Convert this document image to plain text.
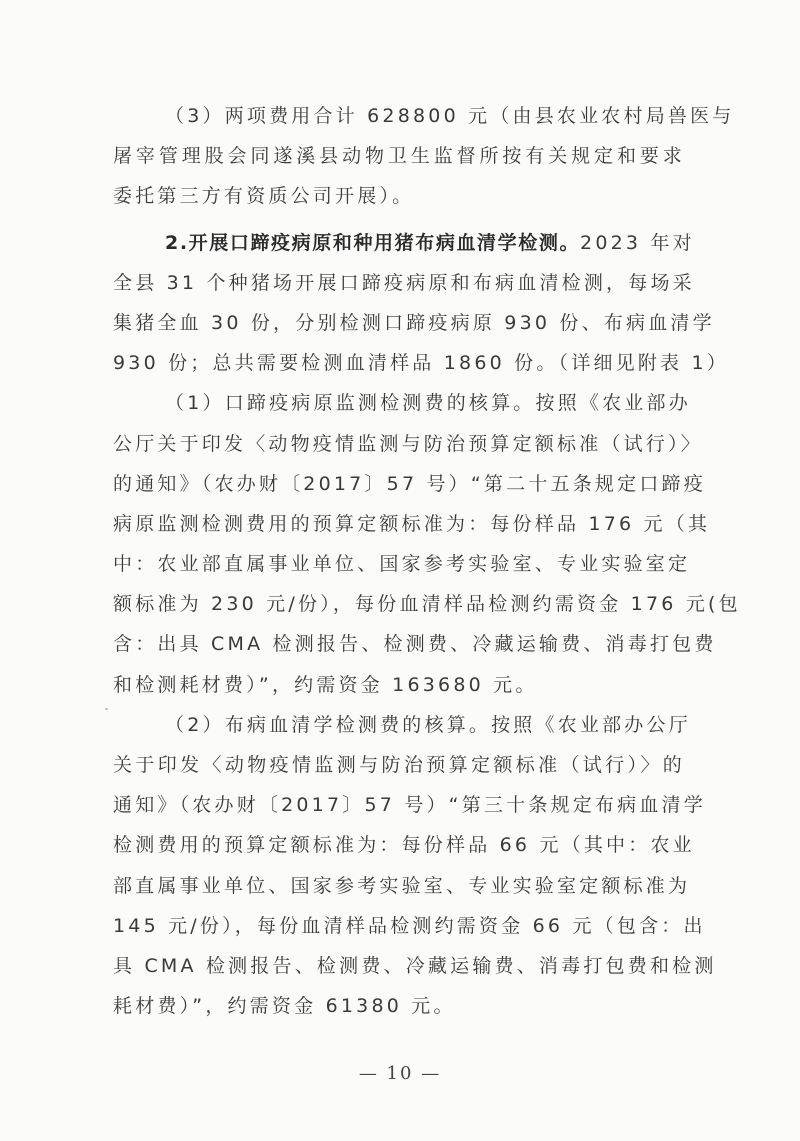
（3）两项费用合计 628800 元（由县农业农村局兽医与
屠宰管理股会同遂溪县动物卫生监督所按有关规定和要求
委托第三方有资质公司开展）。
2.开展口蹄疫病原和种用猪布病血清学检测。2023 年对
全县 31 个种猪场开展口蹄疫病原和布病血清检测，每场采
集猪全血 30 份，分别检测口蹄疫病原 930 份、布病血清学
930 份；总共需要检测血清样品 1860 份。（详细见附表 1）
（1）口蹄疫病原监测检测费的核算。按照《农业部办
公厅关于印发〈动物疫情监测与防治预算定额标准（试行）〉
的通知》（农办财〔2017〕57 号）“第二十五条规定口蹄疫
病原监测检测费用的预算定额标准为：每份样品 176 元（其
中：农业部直属事业单位、国家参考实验室、专业实验室定
额标准为 230 元/份），每份血清样品检测约需资金 176 元(包
含：出具 CMA 检测报告、检测费、冷藏运输费、消毒打包费
和检测耗材费）”，约需资金 163680 元。
（2）布病血清学检测费的核算。按照《农业部办公厅
关于印发〈动物疫情监测与防治预算定额标准（试行）〉的
通知》（农办财〔2017〕57 号）“第三十条规定布病血清学
检测费用的预算定额标准为：每份样品 66 元（其中：农业
部直属事业单位、国家参考实验室、专业实验室定额标准为
145 元/份），每份血清样品检测约需资金 66 元（包含：出
具 CMA 检测报告、检测费、冷藏运输费、消毒打包费和检测
耗材费）”，约需资金 61380 元。
— 10 —
